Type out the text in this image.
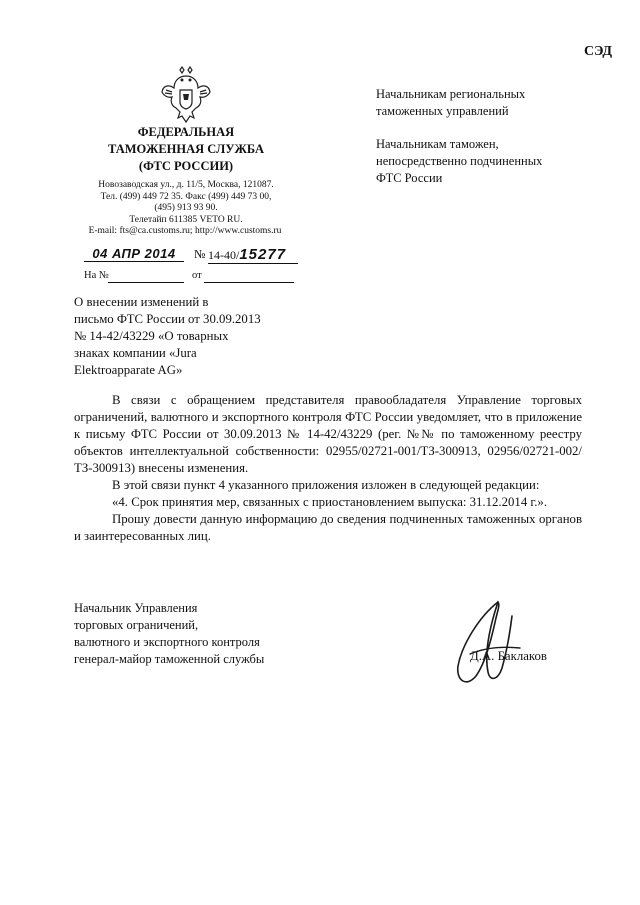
СЭД
ФЕДЕРАЛЬНАЯ
ТАМОЖЕННАЯ СЛУЖБА
(ФТС РОССИИ)
Новозаводская ул., д. 11/5, Москва, 121087.
Тел. (499) 449 72 35. Факс (499) 449 73 00,
(495) 913 93 90.
Телетайп 611385 VETO RU.
E-mail: fts@ca.customs.ru; http://www.customs.ru
04 АПР 2014	№ 14-40/15277
На №	от

Начальникам региональных
таможенных управлений

Начальникам таможен,
непосредственно подчиненных
ФТС России

О внесении изменений в
письмо ФТС России от 30.09.2013
№ 14-42/43229 «О товарных
знаках компании «Jura
Elektroapparate AG»

В связи с обращением представителя правообладателя Управление торговых ограничений, валютного и экспортного контроля ФТС России уведомляет, что в приложение к письму ФТС России от 30.09.2013 № 14-42/43229 (рег. №№ по таможенному реестру объектов интеллектуальной собственности: 02955/02721-001/ТЗ-300913, 02956/02721-002/ТЗ-300913) внесены изменения.

В этой связи пункт 4 указанного приложения изложен в следующей редакции:

«4. Срок принятия мер, связанных с приостановлением выпуска: 31.12.2014 г.».

Прошу довести данную информацию до сведения подчиненных таможенных органов и заинтересованных лиц.

Начальник Управления
торговых ограничений,
валютного и экспортного контроля
генерал-майор таможенной службы	Д.А. Баклаков
